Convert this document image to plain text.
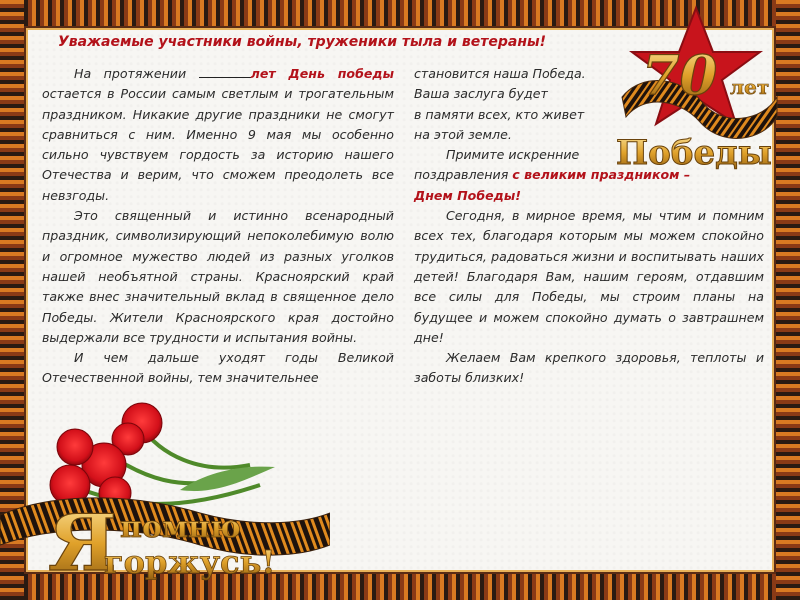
Уважаемые участники войны, труженики тыла и ветераны!

На протяжении	лет День победы остается в России самым светлым и трогательным праздником. Никакие другие праздники не смогут сравниться с ним. Именно 9 мая мы особенно сильно чувствуем гордость за историю нашего Отечества и верим, что сможем преодолеть все невзгоды.

Это священный и истинно всенародный праздник, символизирующий непоколебимую волю и огромное мужество людей из разных уголков нашей необъятной страны. Красноярский край также внес значительный вклад в священное дело Победы. Жители Красноярского края достойно выдержали все трудности и испытания войны.

И чем дальше уходят годы Великой Отечественной войны, тем значительнее

становится наша Победа.

Ваша заслуга будет

в памяти всех, кто живет

на этой земле.

Примите искренние

поздравления с великим праздником –

Днем Победы!

Сегодня, в мирное время, мы чтим и помним всех тех, благодаря которым мы можем спокойно трудиться, радоваться жизни и воспитывать наших детей! Благодаря Вам, нашим героям, отдавшим все силы для Победы, мы строим планы на будущее и можем спокойно думать о завтрашнем дне!

Желаем Вам крепкого здоровья, теплоты и заботы близких!

70 лет
Победы
Я помню
горжусь!
